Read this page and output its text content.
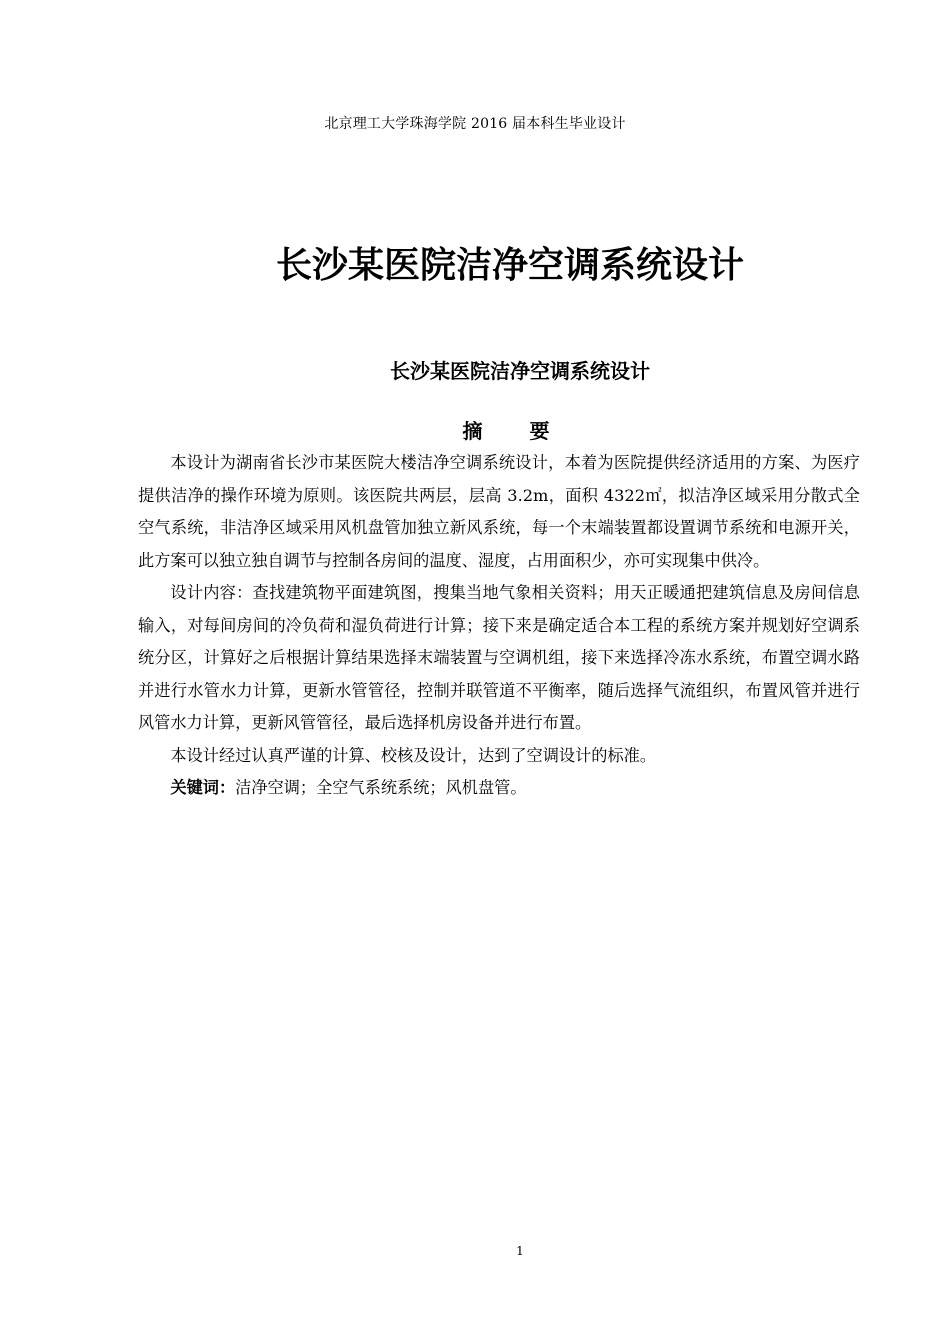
北京理工大学珠海学院 2016 届本科生毕业设计
长沙某医院洁净空调系统设计
长沙某医院洁净空调系统设计
摘 要

本设计为湖南省长沙市某医院大楼洁净空调系统设计，本着为医院提供经济适用的方案、为医疗提供洁净的操作环境为原则。该医院共两层，层高 3.2m，面积 4322㎡，拟洁净区域采用分散式全空气系统，非洁净区域采用风机盘管加独立新风系统，每一个末端装置都设置调节系统和电源开关，此方案可以独立独自调节与控制各房间的温度、湿度，占用面积少，亦可实现集中供冷。

设计内容：查找建筑物平面建筑图，搜集当地气象相关资料；用天正暖通把建筑信息及房间信息输入，对每间房间的冷负荷和湿负荷进行计算；接下来是确定适合本工程的系统方案并规划好空调系统分区，计算好之后根据计算结果选择末端装置与空调机组，接下来选择冷冻水系统，布置空调水路并进行水管水力计算，更新水管管径，控制并联管道不平衡率，随后选择气流组织，布置风管并进行风管水力计算，更新风管管径，最后选择机房设备并进行布置。

本设计经过认真严谨的计算、校核及设计，达到了空调设计的标准。

关键词：洁净空调；全空气系统系统；风机盘管。

1
